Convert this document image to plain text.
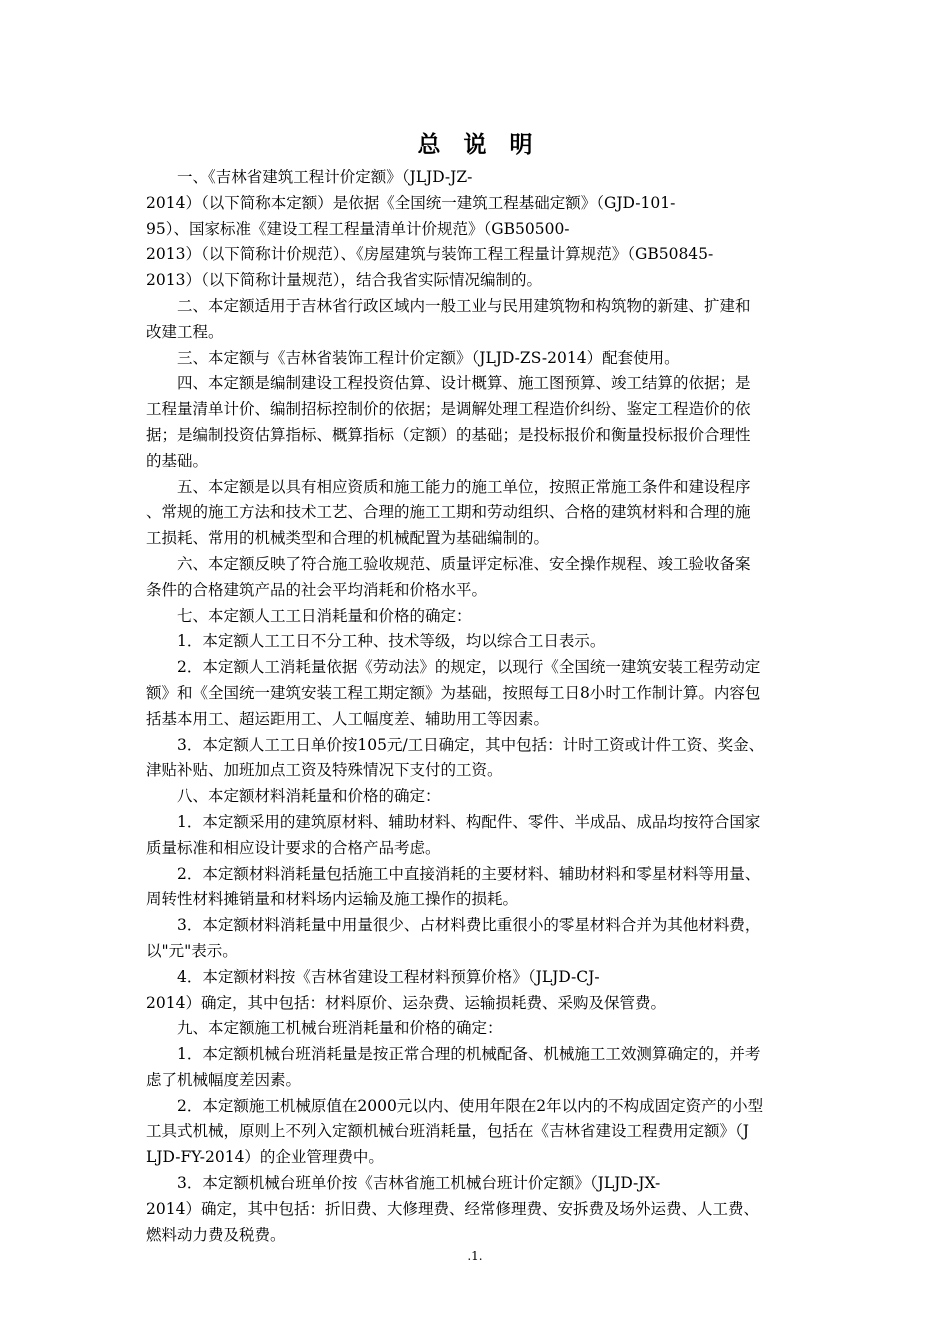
总　说　明

一、《吉林省建筑工程计价定额》（JLJD-JZ-

2014）（以下简称本定额）是依据《全国统一建筑工程基础定额》（GJD-101-

95）、国家标准《建设工程工程量清单计价规范》（GB50500-

2013）（以下简称计价规范）、《房屋建筑与装饰工程工程量计算规范》（GB50845-

2013）（以下简称计量规范），结合我省实际情况编制的。

二、本定额适用于吉林省行政区域内一般工业与民用建筑物和构筑物的新建、扩建和

改建工程。

三、本定额与《吉林省装饰工程计价定额》（JLJD-ZS-2014）配套使用。

四、本定额是编制建设工程投资估算、设计概算、施工图预算、竣工结算的依据；是

工程量清单计价、编制招标控制价的依据；是调解处理工程造价纠纷、鉴定工程造价的依

据；是编制投资估算指标、概算指标（定额）的基础；是投标报价和衡量投标报价合理性

的基础。

五、本定额是以具有相应资质和施工能力的施工单位，按照正常施工条件和建设程序

、常规的施工方法和技术工艺、合理的施工工期和劳动组织、合格的建筑材料和合理的施

工损耗、常用的机械类型和合理的机械配置为基础编制的。

六、本定额反映了符合施工验收规范、质量评定标准、安全操作规程、竣工验收备案

条件的合格建筑产品的社会平均消耗和价格水平。

七、本定额人工工日消耗量和价格的确定：

1．本定额人工工日不分工种、技术等级，均以综合工日表示。

2．本定额人工消耗量依据《劳动法》的规定，以现行《全国统一建筑安装工程劳动定

额》和《全国统一建筑安装工程工期定额》为基础，按照每工日8小时工作制计算。内容包

括基本用工、超运距用工、人工幅度差、辅助用工等因素。

3．本定额人工工日单价按105元/工日确定，其中包括：计时工资或计件工资、奖金、

津贴补贴、加班加点工资及特殊情况下支付的工资。

八、本定额材料消耗量和价格的确定：

1．本定额采用的建筑原材料、辅助材料、构配件、零件、半成品、成品均按符合国家

质量标准和相应设计要求的合格产品考虑。

2．本定额材料消耗量包括施工中直接消耗的主要材料、辅助材料和零星材料等用量、

周转性材料摊销量和材料场内运输及施工操作的损耗。

3．本定额材料消耗量中用量很少、占材料费比重很小的零星材料合并为其他材料费，

以"元"表示。

4．本定额材料按《吉林省建设工程材料预算价格》（JLJD-CJ-

2014）确定，其中包括：材料原价、运杂费、运输损耗费、采购及保管费。

九、本定额施工机械台班消耗量和价格的确定：

1．本定额机械台班消耗量是按正常合理的机械配备、机械施工工效测算确定的，并考

虑了机械幅度差因素。

2．本定额施工机械原值在2000元以内、使用年限在2年以内的不构成固定资产的小型

工具式机械，原则上不列入定额机械台班消耗量，包括在《吉林省建设工程费用定额》（J

LJD-FY-2014）的企业管理费中。

3．本定额机械台班单价按《吉林省施工机械台班计价定额》（JLJD-JX-

2014）确定，其中包括：折旧费、大修理费、经常修理费、安拆费及场外运费、人工费、

燃料动力费及税费。

.1.
